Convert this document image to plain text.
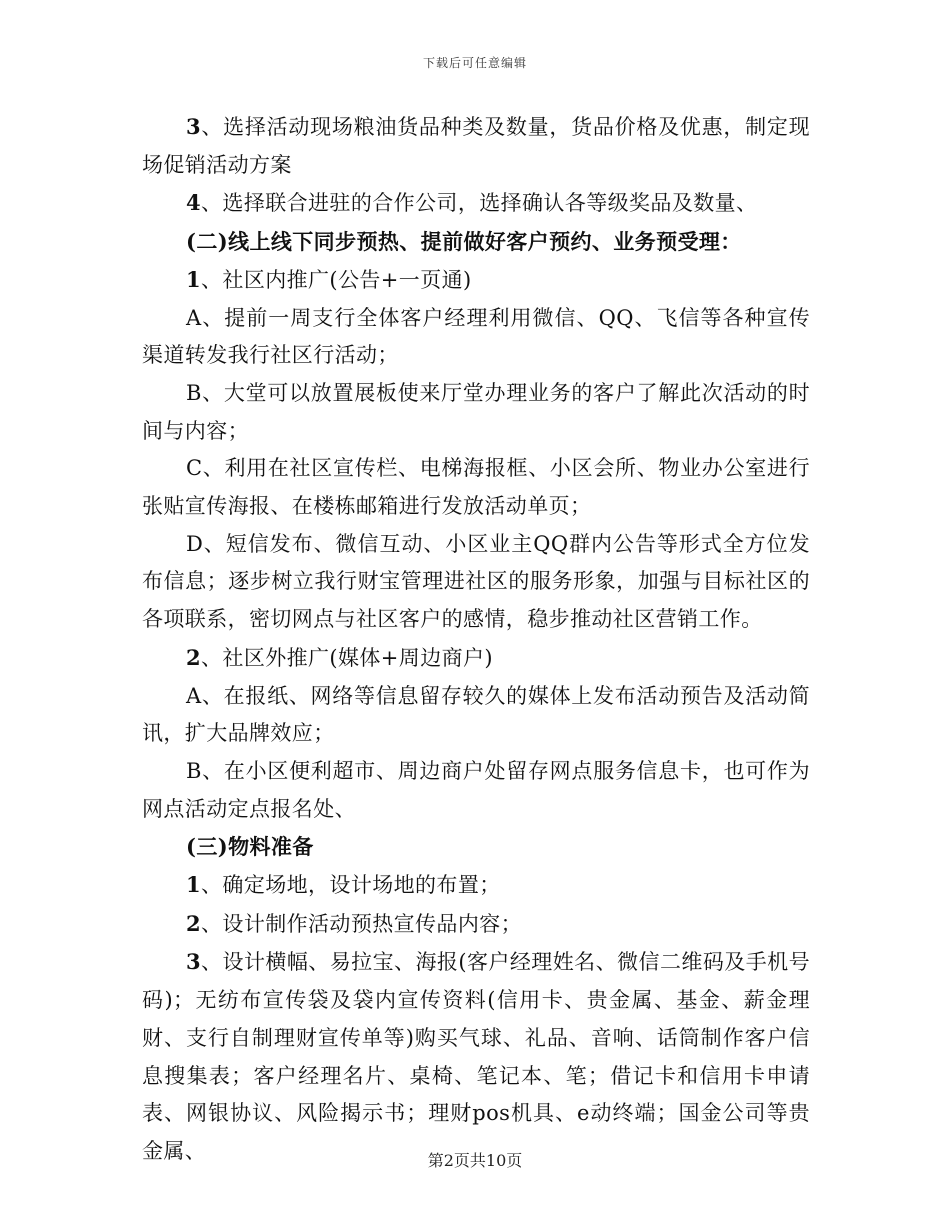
下载后可任意编辑

3、选择活动现场粮油货品种类及数量，货品价格及优惠，制定现场促销活动方案

4、选择联合进驻的合作公司，选择确认各等级奖品及数量、

(二)线上线下同步预热、提前做好客户预约、业务预受理：

1、社区内推广(公告+一页通)

A、提前一周支行全体客户经理利用微信、QQ、飞信等各种宣传渠道转发我行社区行活动；

B、大堂可以放置展板使来厅堂办理业务的客户了解此次活动的时间与内容；

C、利用在社区宣传栏、电梯海报框、小区会所、物业办公室进行张贴宣传海报、在楼栋邮箱进行发放活动单页；

D、短信发布、微信互动、小区业主QQ群内公告等形式全方位发布信息；逐步树立我行财宝管理进社区的服务形象，加强与目标社区的各项联系，密切网点与社区客户的感情，稳步推动社区营销工作。

2、社区外推广(媒体+周边商户)

A、在报纸、网络等信息留存较久的媒体上发布活动预告及活动简讯，扩大品牌效应；

B、在小区便利超市、周边商户处留存网点服务信息卡，也可作为网点活动定点报名处、

(三)物料准备

1、确定场地，设计场地的布置；

2、设计制作活动预热宣传品内容；

3、设计横幅、易拉宝、海报(客户经理姓名、微信二维码及手机号码)；无纺布宣传袋及袋内宣传资料(信用卡、贵金属、基金、薪金理财、支行自制理财宣传单等)购买气球、礼品、音响、话筒制作客户信息搜集表；客户经理名片、桌椅、笔记本、笔；借记卡和信用卡申请表、网银协议、风险揭示书；理财pos机具、e动终端；国金公司等贵金属、	第2页共10页
